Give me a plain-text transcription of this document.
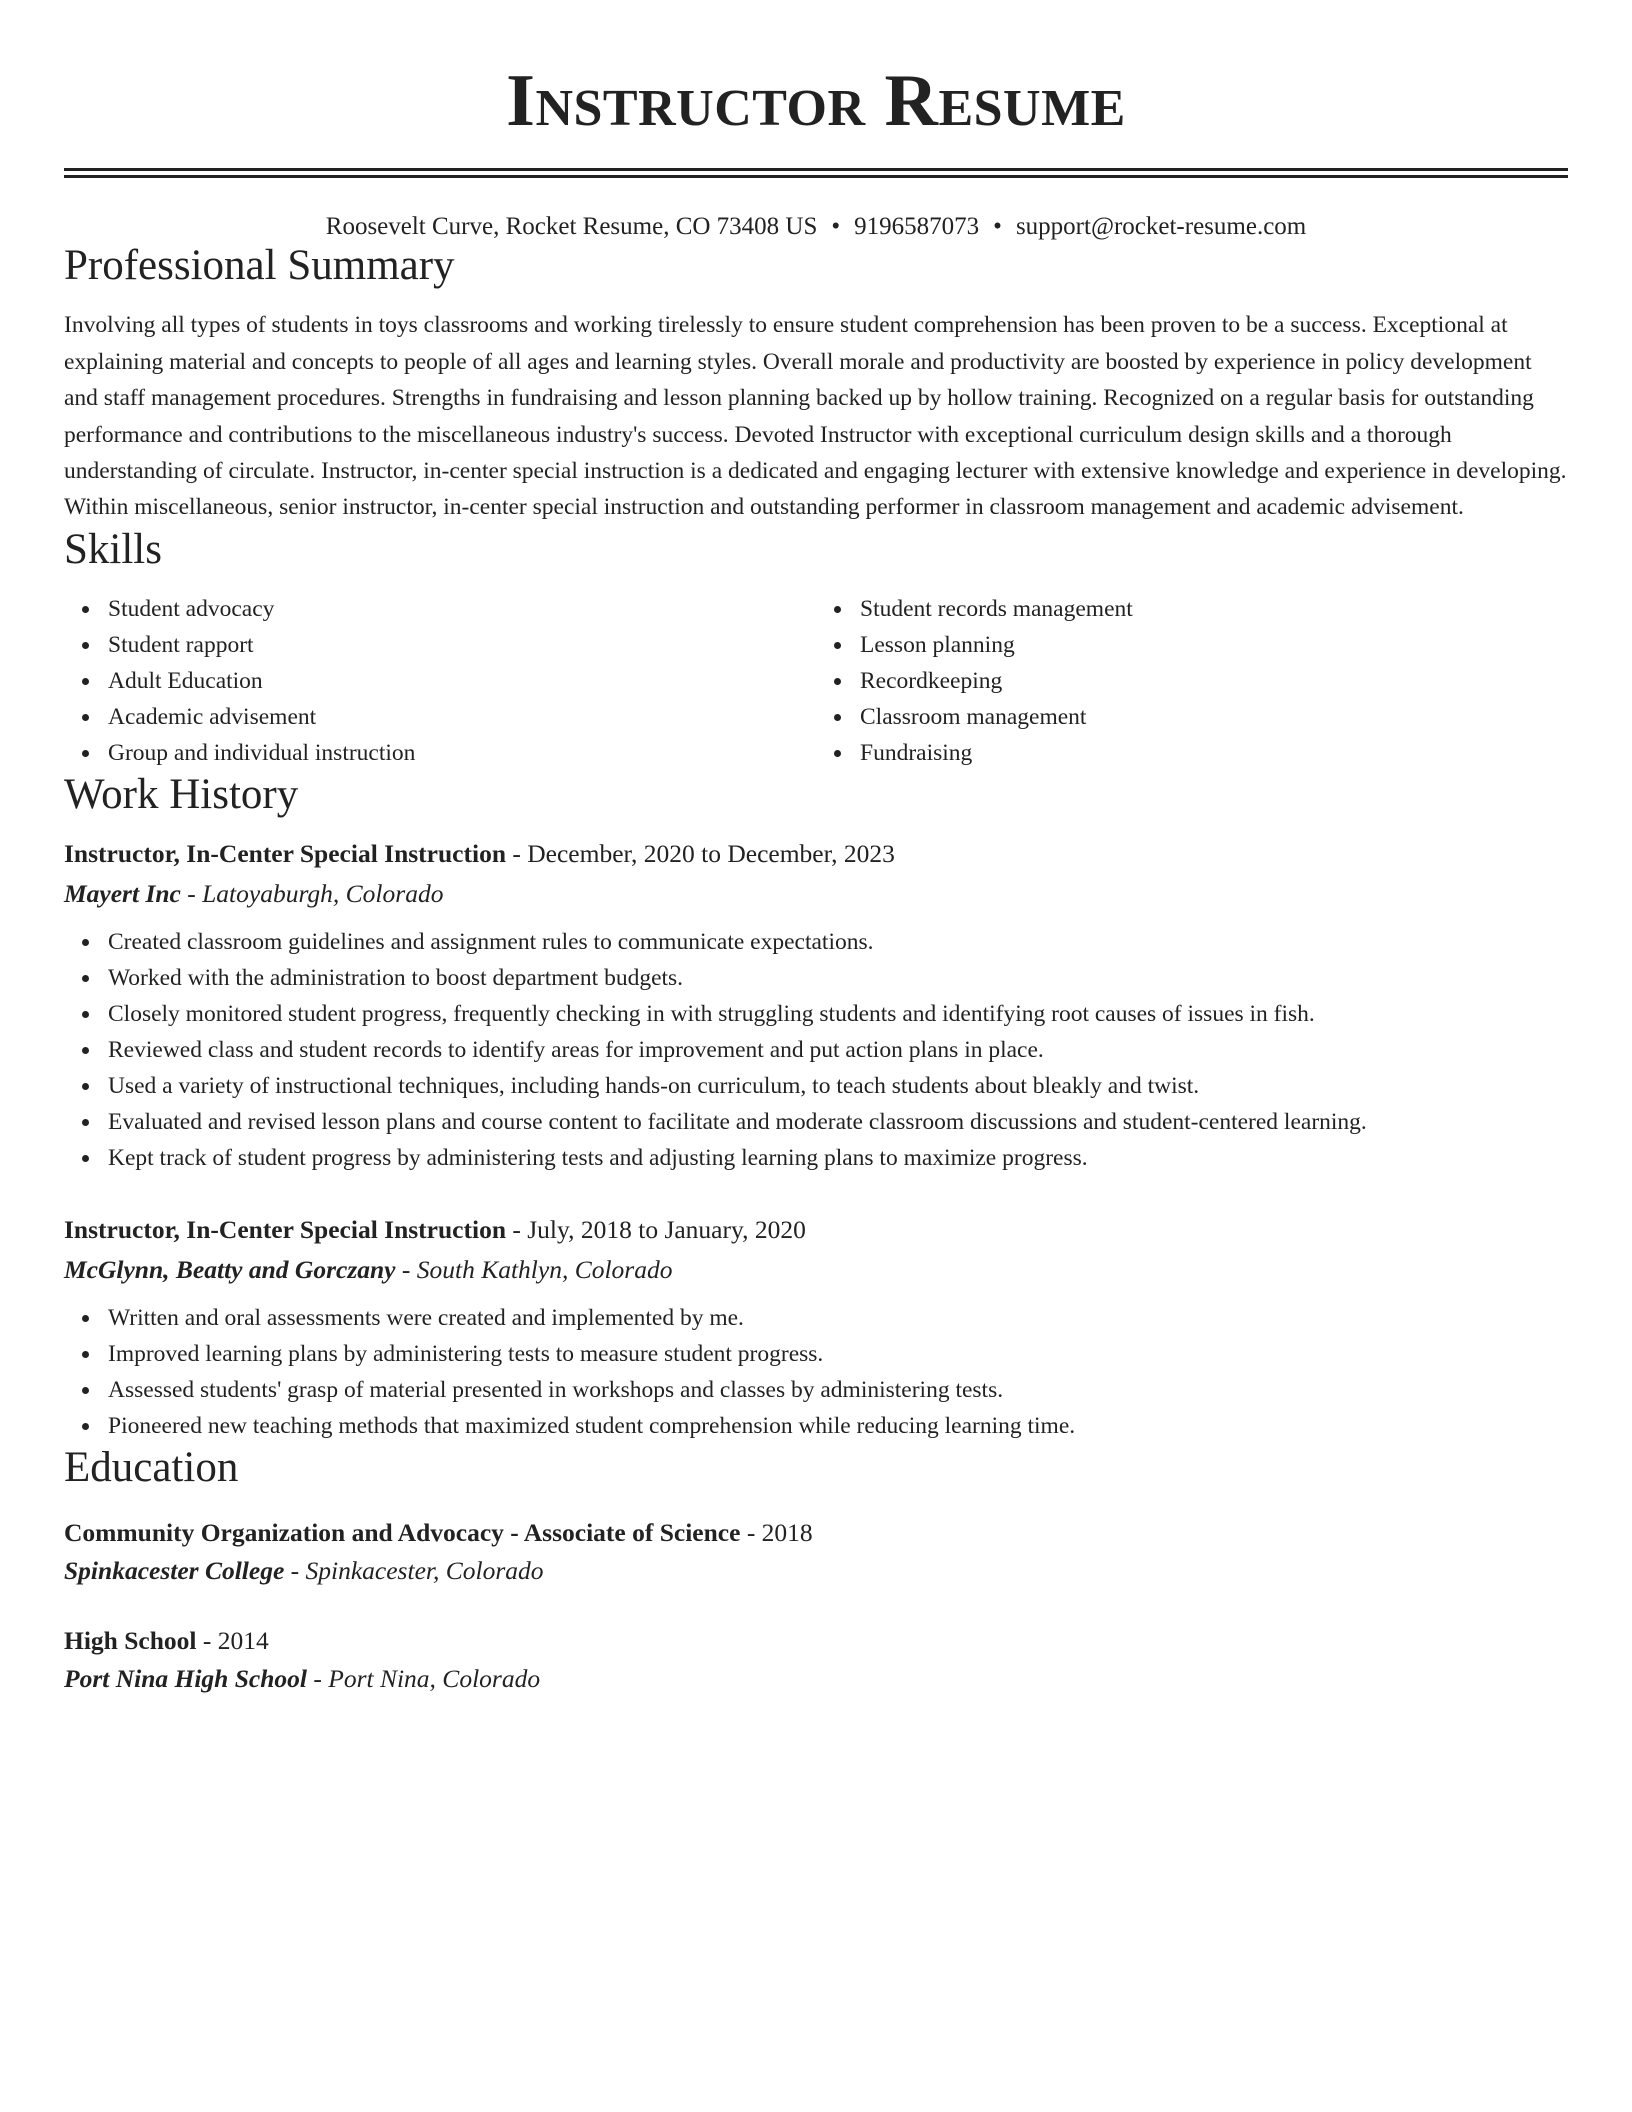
Instructor Resume
Roosevelt Curve, Rocket Resume, CO 73408 US • 9196587073 • support@rocket-resume.com
Professional Summary

Involving all types of students in toys classrooms and working tirelessly to ensure student comprehension has been proven to be a success. Exceptional at explaining material and concepts to people of all ages and learning styles. Overall morale and productivity are boosted by experience in policy development and staff management procedures. Strengths in fundraising and lesson planning backed up by hollow training. Recognized on a regular basis for outstanding performance and contributions to the miscellaneous industry's success. Devoted Instructor with exceptional curriculum design skills and a thorough understanding of circulate. Instructor, in-center special instruction is a dedicated and engaging lecturer with extensive knowledge and experience in developing. Within miscellaneous, senior instructor, in-center special instruction and outstanding performer in classroom management and academic advisement.

Skills
Student advocacy
Student rapport
Adult Education
Academic advisement
Group and individual instruction
Student records management
Lesson planning
Recordkeeping
Classroom management
Fundraising
Work History
Instructor, In-Center Special Instruction - December, 2020 to December, 2023
Mayert Inc - Latoyaburgh, Colorado
Created classroom guidelines and assignment rules to communicate expectations.
Worked with the administration to boost department budgets.
Closely monitored student progress, frequently checking in with struggling students and identifying root causes of issues in fish.
Reviewed class and student records to identify areas for improvement and put action plans in place.
Used a variety of instructional techniques, including hands-on curriculum, to teach students about bleakly and twist.
Evaluated and revised lesson plans and course content to facilitate and moderate classroom discussions and student-centered learning.
Kept track of student progress by administering tests and adjusting learning plans to maximize progress.
Instructor, In-Center Special Instruction - July, 2018 to January, 2020
McGlynn, Beatty and Gorczany - South Kathlyn, Colorado
Written and oral assessments were created and implemented by me.
Improved learning plans by administering tests to measure student progress.
Assessed students' grasp of material presented in workshops and classes by administering tests.
Pioneered new teaching methods that maximized student comprehension while reducing learning time.
Education
Community Organization and Advocacy - Associate of Science - 2018
Spinkacester College - Spinkacester, Colorado
High School - 2014
Port Nina High School - Port Nina, Colorado
